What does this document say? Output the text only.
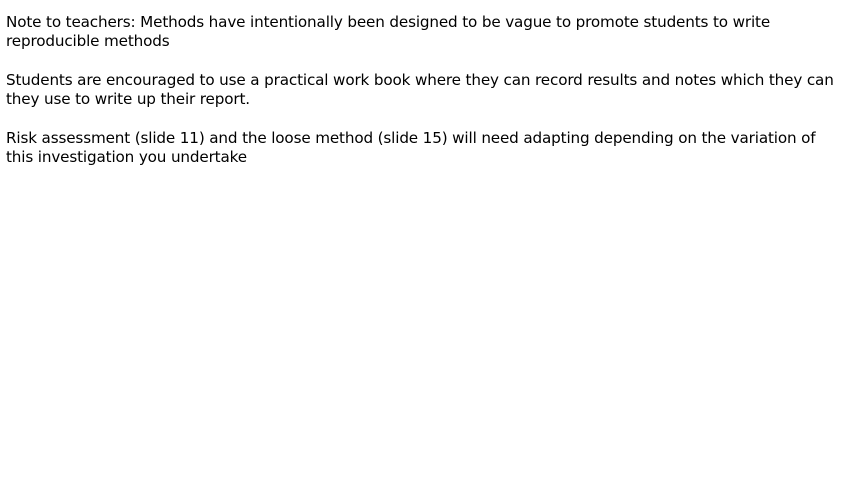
Note to teachers: Methods have intentionally been designed to be vague to promote students to write reproducible methods

Students are encouraged to use a practical work book where they can record results and notes which they can they use to write up their report.

Risk assessment (slide 11) and the loose method (slide 15) will need adapting depending on the variation of this investigation you undertake
